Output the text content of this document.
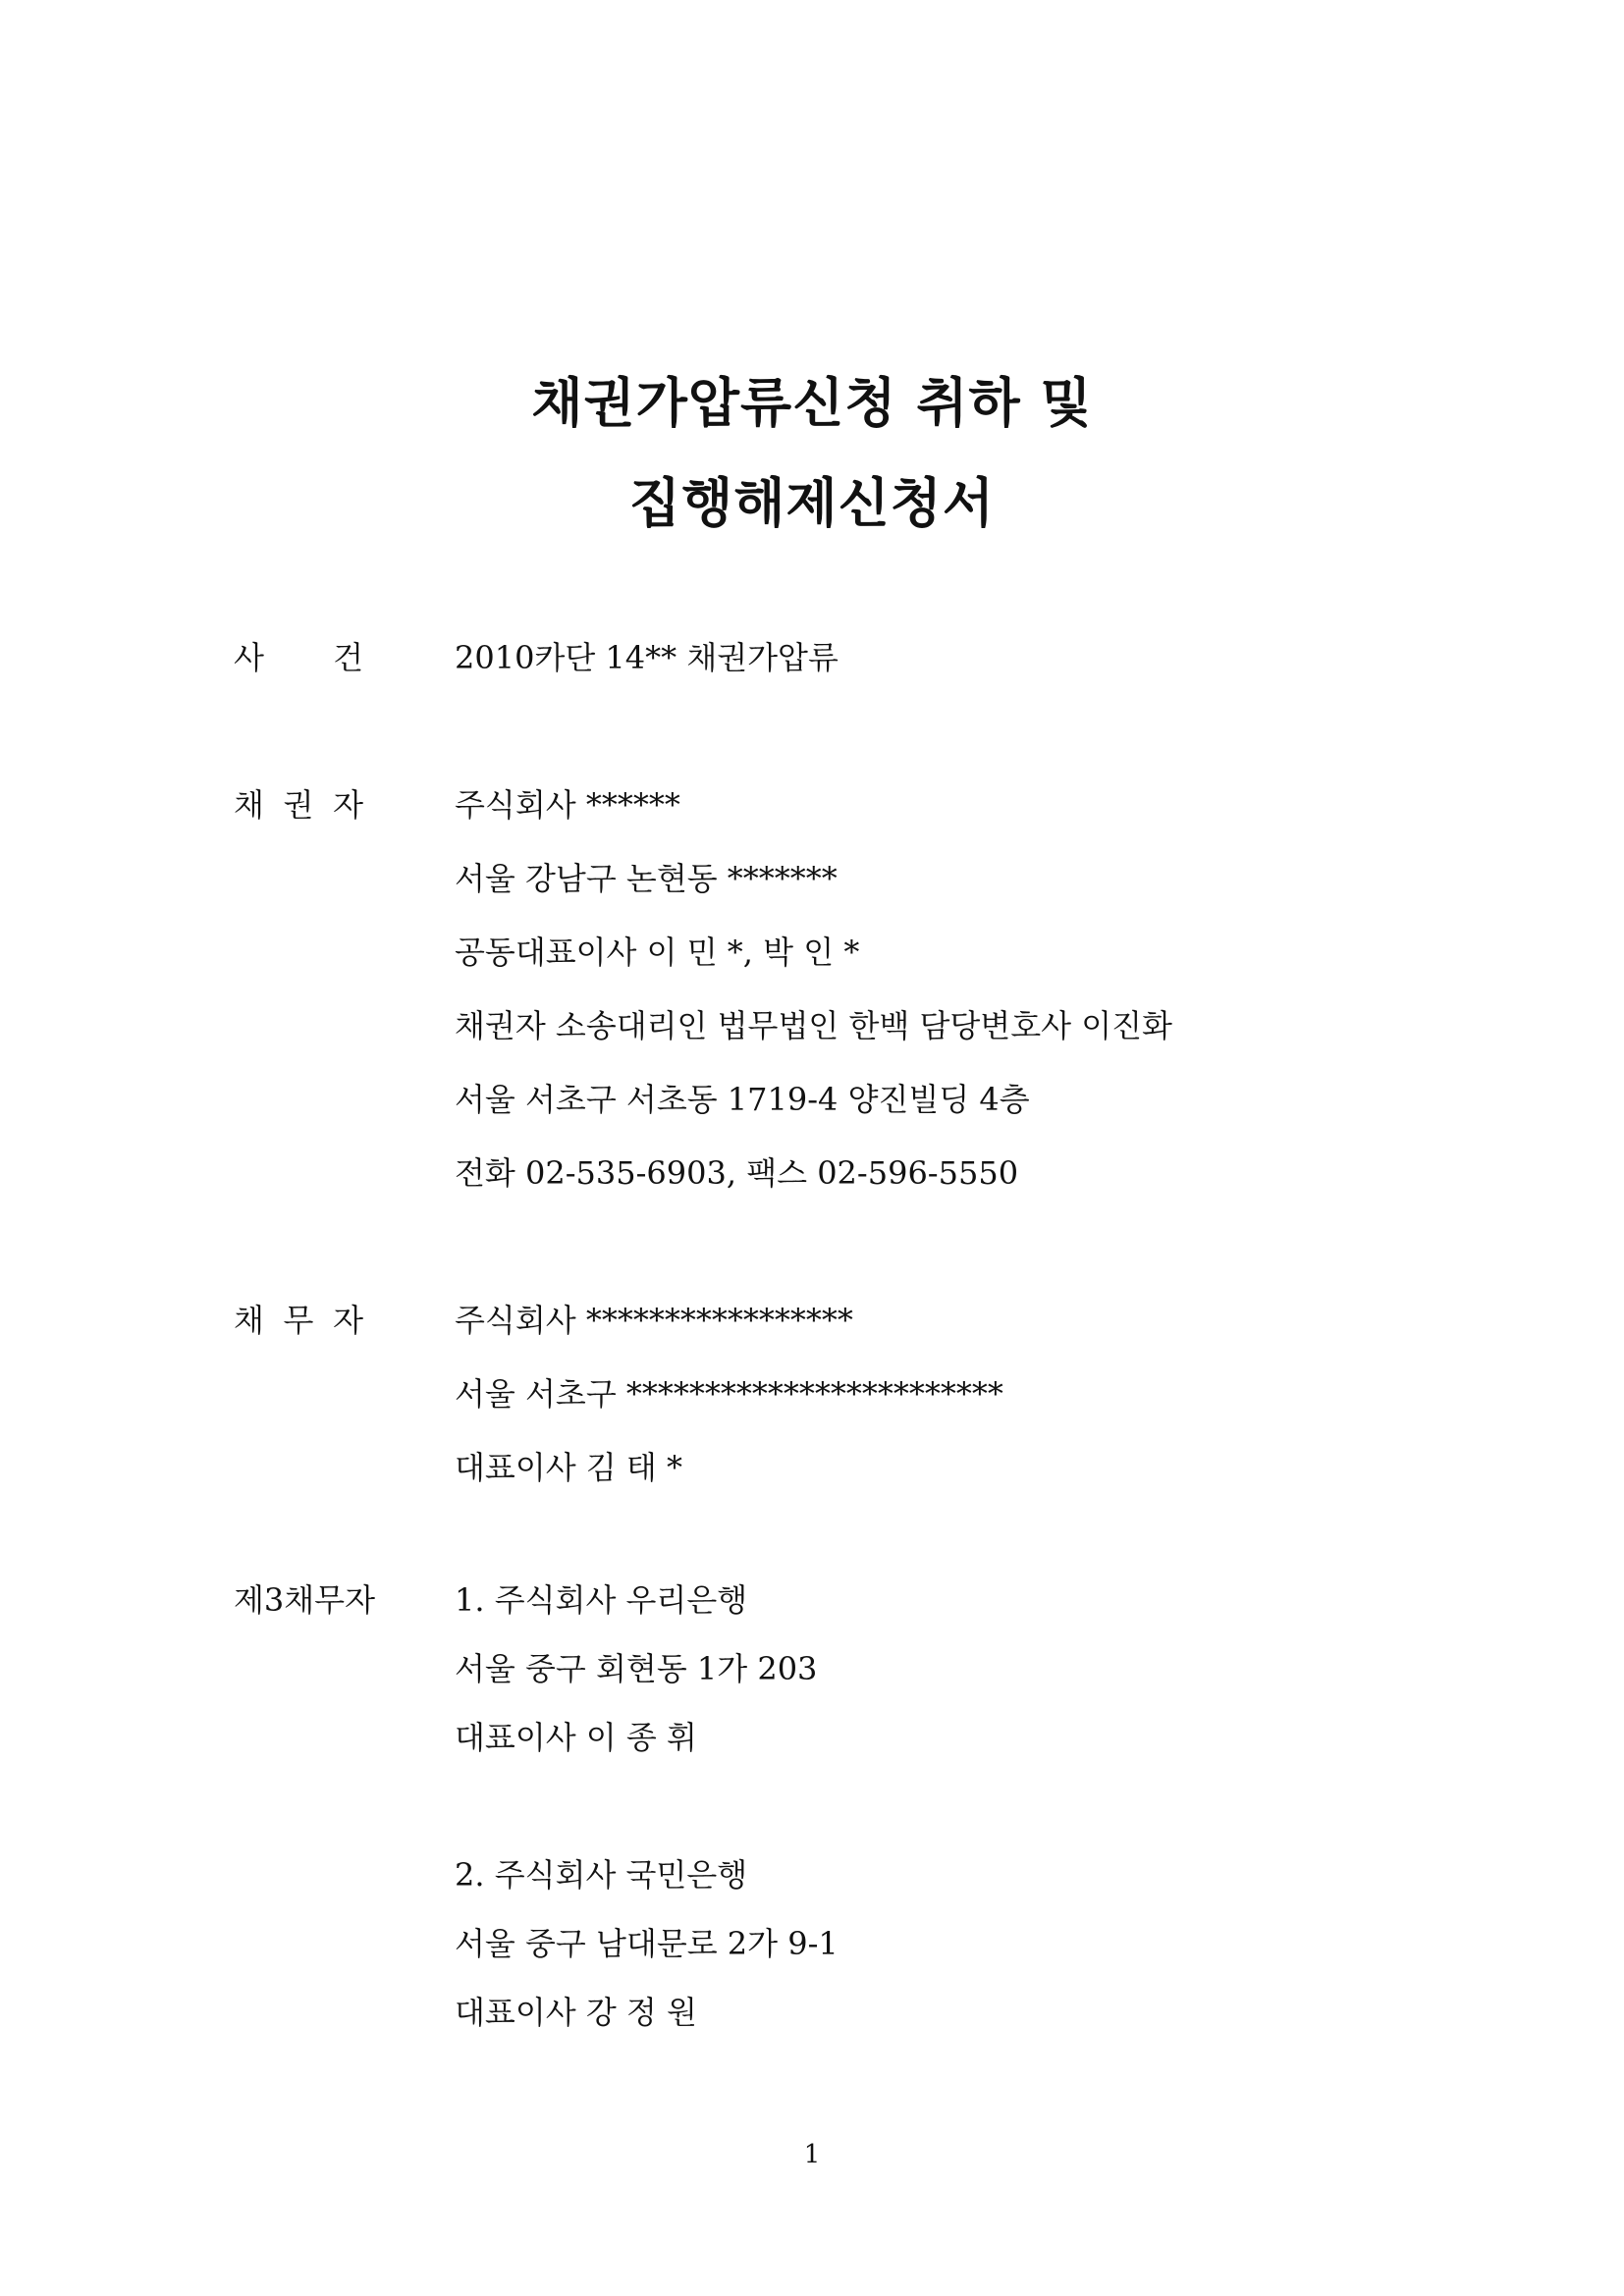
채권가압류신청 취하 및
집행해제신청서
사 건	2010카단 14** 채권가압류
채 권 자	주식회사 ******
서울 강남구 논현동 *******
공동대표이사 이 민 *, 박 인 *
채권자 소송대리인 법무법인 한백 담당변호사 이진화
서울 서초구 서초동 1719-4 양진빌딩 4층
전화 02-535-6903, 팩스 02-596-5550
채 무 자	주식회사 *****************
서울 서초구 ************************
대표이사 김 태 *
제3채무자	1. 주식회사 우리은행
서울 중구 회현동 1가 203
대표이사 이 종 휘
2. 주식회사 국민은행
서울 중구 남대문로 2가 9-1
대표이사 강 정 원
1
